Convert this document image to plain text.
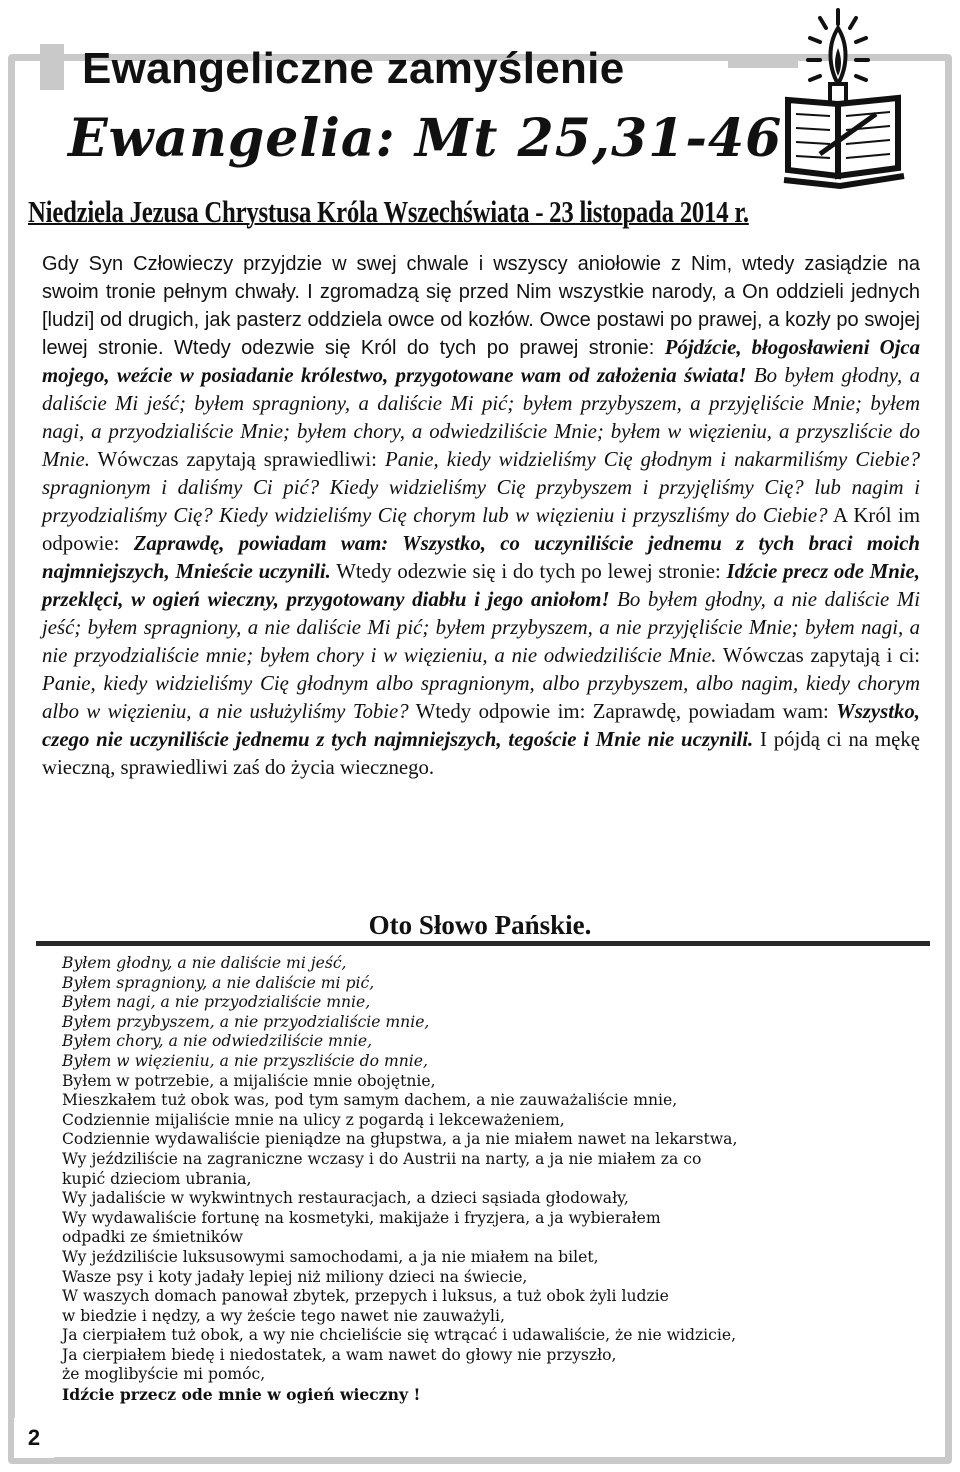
Ewangeliczne zamyślenie
Ewangelia: Mt 25,31-46
Niedziela Jezusa Chrystusa Króla Wszechświata - 23 listopada 2014 r.

Gdy Syn Człowieczy przyjdzie w swej chwale i wszyscy aniołowie z Nim, wtedy zasiądzie na swoim tronie pełnym chwały. I zgromadzą się przed Nim wszystkie narody, a On oddzieli jednych [ludzi] od drugich, jak pasterz oddziela owce od kozłów. Owce postawi po prawej, a kozły po swojej lewej stronie. Wtedy odezwie się Król do tych po prawej stronie: Pójdźcie, błogosławieni Ojca mojego, weźcie w posiadanie królestwo, przygotowane wam od założenia świata! Bo byłem głodny, a daliście Mi jeść; byłem spragniony, a daliście Mi pić; byłem przybyszem, a przyjęliście Mnie; byłem nagi, a przyodzialiście Mnie; byłem chory, a odwiedziliście Mnie; byłem w więzieniu, a przyszliście do Mnie. Wówczas zapytają sprawiedliwi: Panie, kiedy widzieliśmy Cię głodnym i nakarmiliśmy Ciebie? spragnionym i daliśmy Ci pić? Kiedy widzieliśmy Cię przybyszem i przyjęliśmy Cię? lub nagim i przyodzialiśmy Cię? Kiedy widzieliśmy Cię chorym lub w więzieniu i przyszliśmy do Ciebie? A Król im odpowie: Zaprawdę, powiadam wam: Wszystko, co uczyniliście jednemu z tych braci moich najmniejszych, Mnieście uczynili. Wtedy odezwie się i do tych po lewej stronie: Idźcie precz ode Mnie, przeklęci, w ogień wieczny, przygotowany diabłu i jego aniołom! Bo byłem głodny, a nie daliście Mi jeść; byłem spragniony, a nie daliście Mi pić; byłem przybyszem, a nie przyjęliście Mnie; byłem nagi, a nie przyodzialiście mnie; byłem chory i w więzieniu, a nie odwiedziliście Mnie. Wówczas zapytają i ci: Panie, kiedy widzieliśmy Cię głodnym albo spragnionym, albo przybyszem, albo nagim, kiedy chorym albo w więzieniu, a nie usłużyliśmy Tobie? Wtedy odpowie im: Zaprawdę, powiadam wam: Wszystko, czego nie uczyniliście jednemu z tych najmniejszych, tegoście i Mnie nie uczynili. I pójdą ci na mękę wieczną, sprawiedliwi zaś do życia wiecznego.

Oto Słowo Pańskie.
Byłem głodny, a nie daliście mi jeść,
Byłem spragniony, a nie daliście mi pić,
Byłem nagi, a nie przyodzialiście mnie,
Byłem przybyszem, a nie przyodzialiście mnie,
Byłem chory, a nie odwiedziliście mnie,
Byłem w więzieniu, a nie przyszliście do mnie,
Byłem w potrzebie, a mijaliście mnie obojętnie,
Mieszkałem tuż obok was, pod tym samym dachem, a nie zauważaliście mnie,
Codziennie mijaliście mnie na ulicy z pogardą i lekceważeniem,
Codziennie wydawaliście pieniądze na głupstwa, a ja nie miałem nawet na lekarstwa,
Wy jeździliście na zagraniczne wczasy i do Austrii na narty, a ja nie miałem za co
kupić dzieciom ubrania,
Wy jadaliście w wykwintnych restauracjach, a dzieci sąsiada głodowały,
Wy wydawaliście fortunę na kosmetyki, makijaże i fryzjera, a ja wybierałem
odpadki ze śmietników
Wy jeździliście luksusowymi samochodami, a ja nie miałem na bilet,
Wasze psy i koty jadały lepiej niż miliony dzieci na świecie,
W waszych domach panował zbytek, przepych i luksus, a tuż obok żyli ludzie
w biedzie i nędzy, a wy żeście tego nawet nie zauważyli,
Ja cierpiałem tuż obok, a wy nie chcieliście się wtrącać i udawaliście, że nie widzicie,
Ja cierpiałem biedę i niedostatek, a wam nawet do głowy nie przyszło,
że moglibyście mi pomóc,
Idźcie przecz ode mnie w ogień wieczny !
2
